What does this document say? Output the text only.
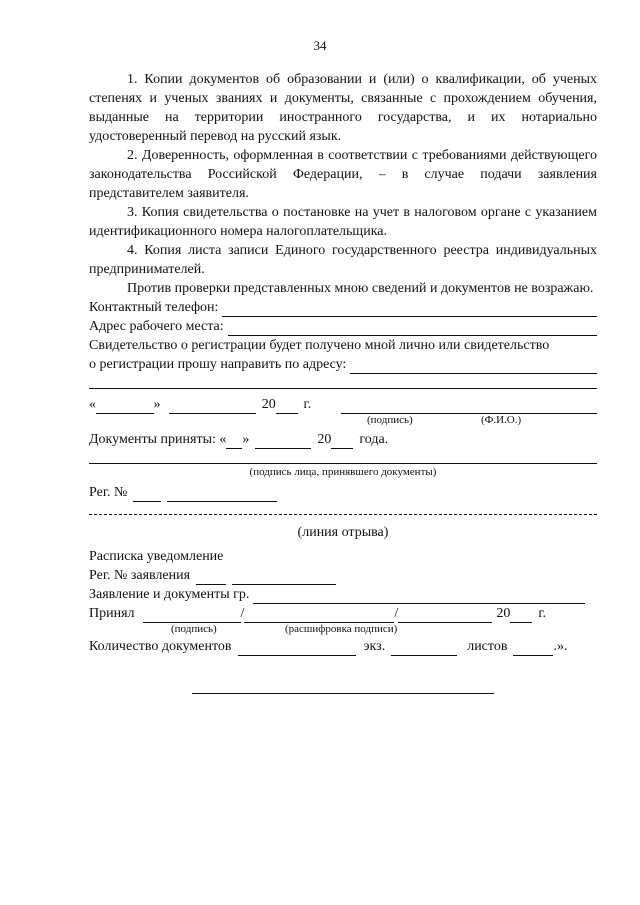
34

1. Копии документов об образовании и (или) о квалификации, об ученых степенях и ученых званиях и документы, связанные с прохождением обучения, выданные на территории иностранного государства, и их нотариально удостоверенный перевод на русский язык.

2. Доверенность, оформленная в соответствии с требованиями действующего законодательства Российской Федерации, – в случае подачи заявления представителем заявителя.

3. Копия свидетельства о постановке на учет в налоговом органе с указанием идентификационного номера налогоплательщика.

4. Копия листа записи Единого государственного реестра индивидуальных предпринимателей.

Против проверки представленных мною сведений и документов не возражаю.

Контактный телефон:
Адрес рабочего места:
Свидетельство о регистрации будет получено мной лично или свидетельство
о регистрации прошу направить по адресу:
«	»	20 г.
(подпись)	(Ф.И.О.)
Документы приняты: « »	20 года.
(подпись лица, принявшего документы)
Рег. №
(линия отрыва)
Расписка уведомление
Рег. № заявления
Заявление и документы гр.
Принял	/	/	20 г.
(подпись)	(расшифровка подписи)
Количество документов	экз.	листов	.».
